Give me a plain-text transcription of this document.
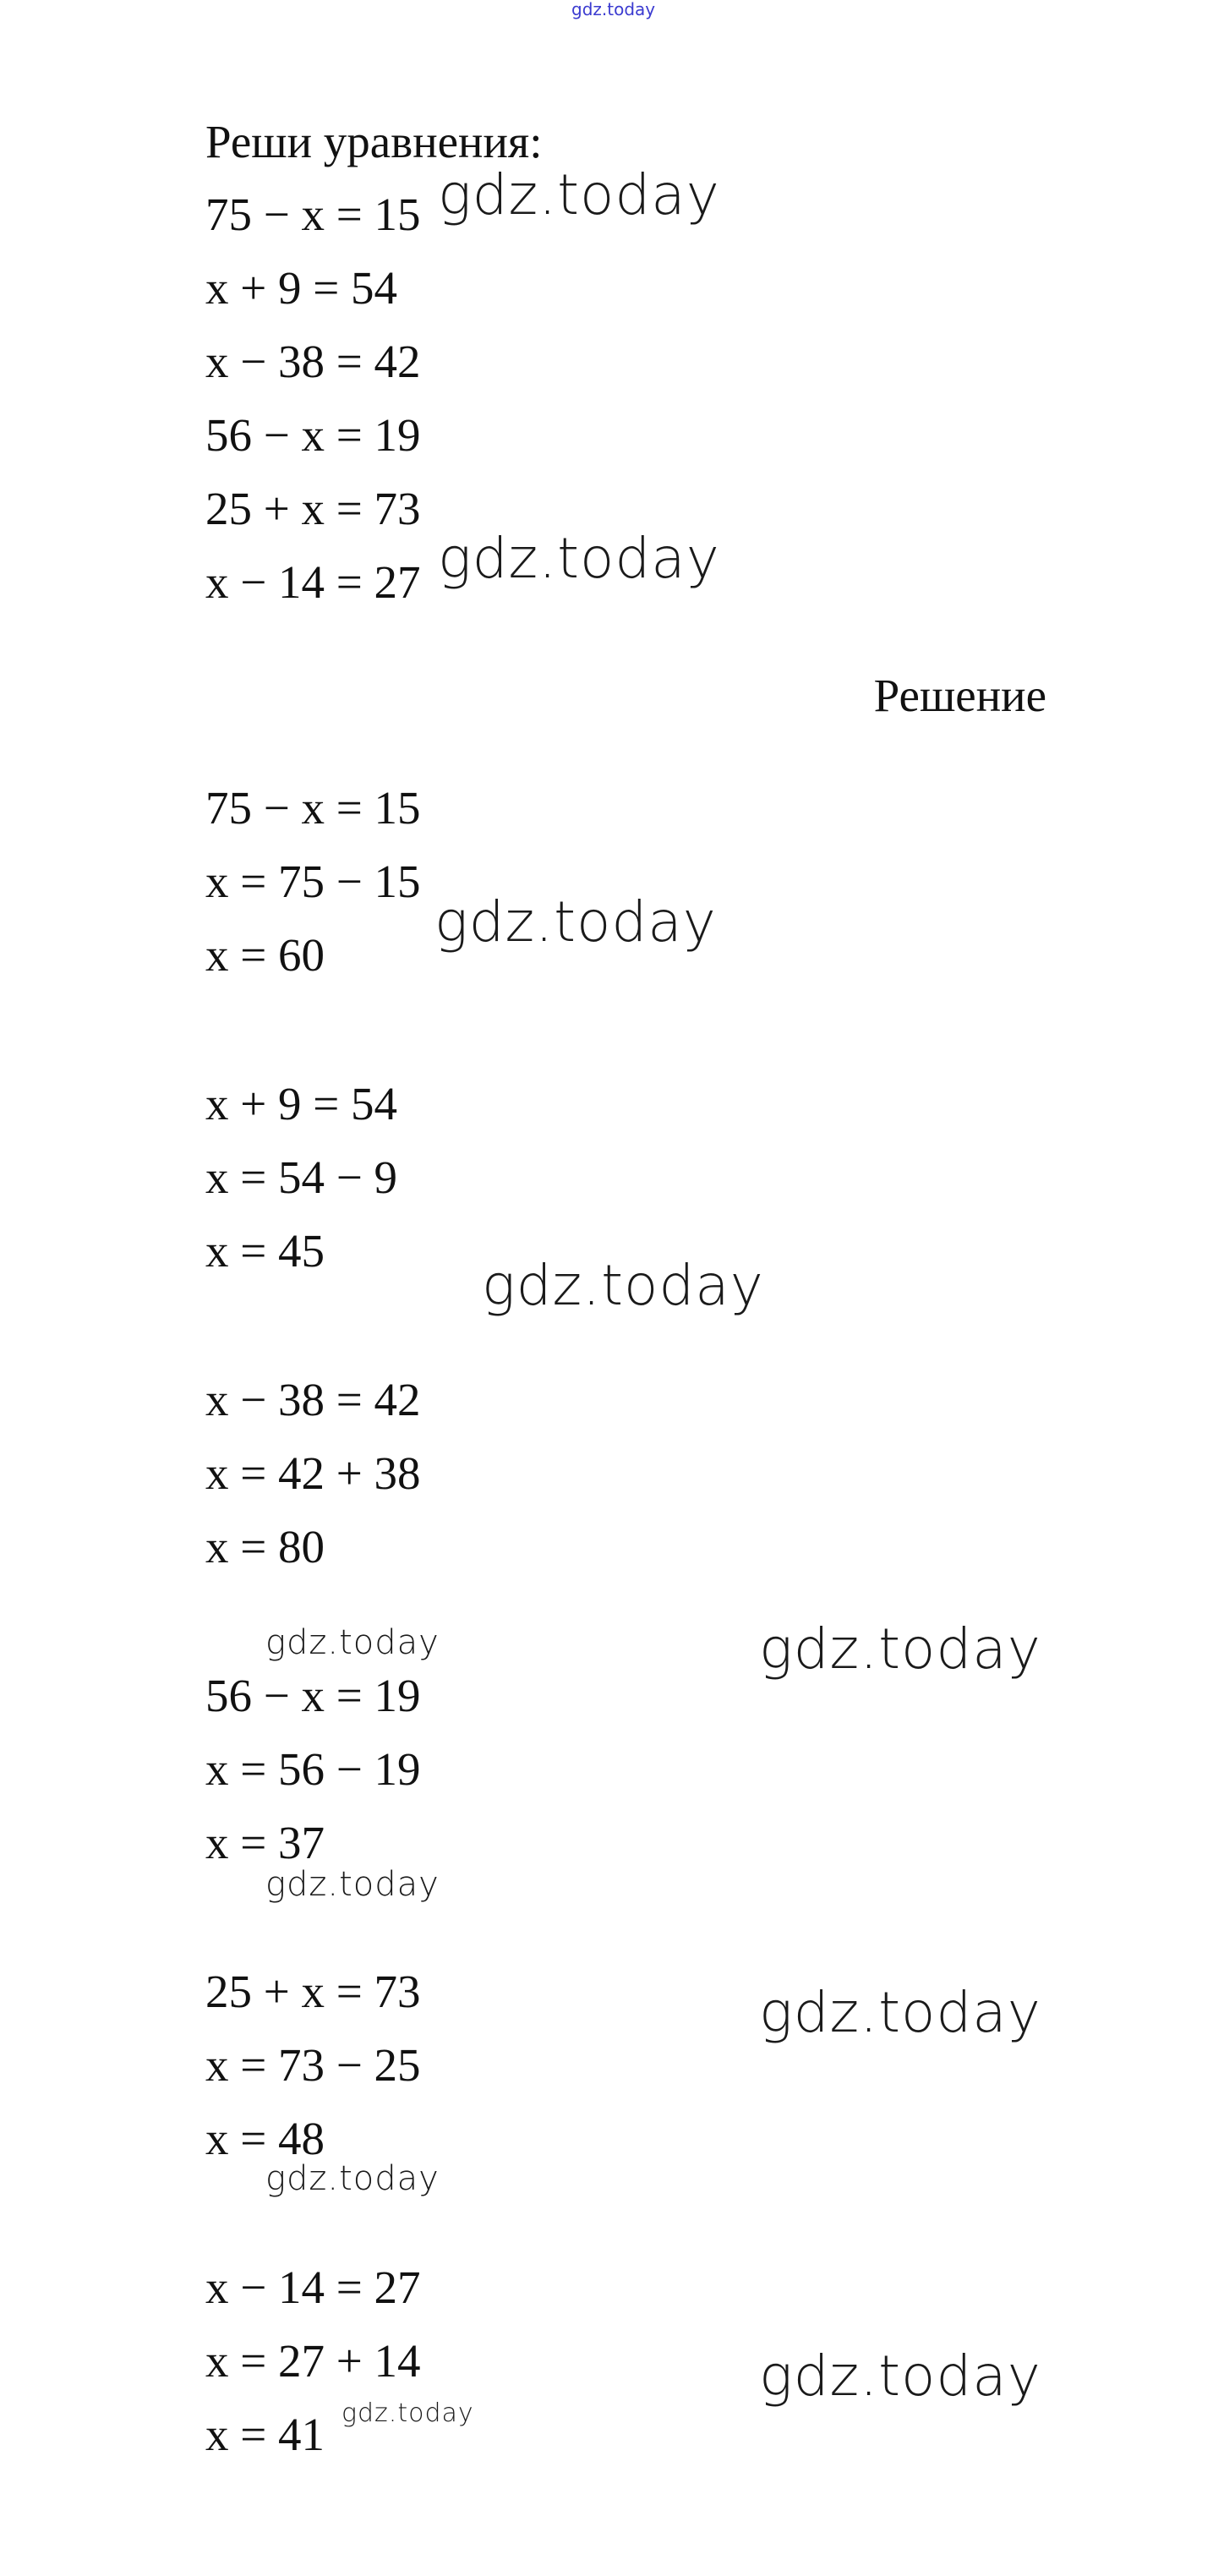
gdz.today
Реши уравнения:
75 − x = 15
x + 9 = 54
x − 38 = 42
56 − x = 19
25 + x = 73
x − 14 = 27
Решение
75 − x = 15
x = 75 − 15
x = 60
x + 9 = 54
x = 54 − 9
x = 45
x − 38 = 42
x = 42 + 38
x = 80
56 − x = 19
x = 56 − 19
x = 37
25 + x = 73
x = 73 − 25
x = 48
x − 14 = 27
x = 27 + 14
x = 41
gdz.today
gdz.today
gdz.today
gdz.today
gdz.today
gdz.today
gdz.today
gdz.today
gdz.today
gdz.today
gdz.today
